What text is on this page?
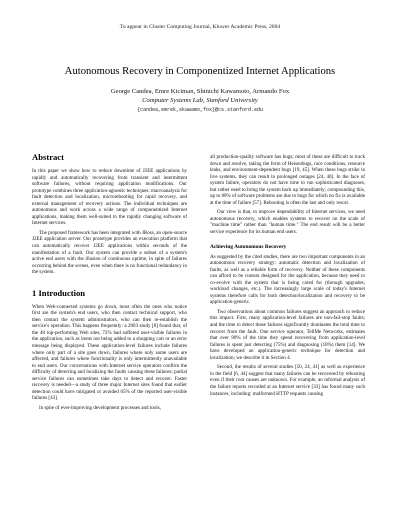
To appear in Cluster Computing Journal, Kluwer Academic Press, 2004
Autonomous Recovery in Componentized Internet Applications
George Candea, Emre Kiciman, Shinichi Kawamoto, Armando Fox
Computer Systems Lab, Stanford University
{candea,emrek,skawamo,fox}@cs.stanford.edu
Abstract

In this paper we show how to reduce downtime of J2EE applications by rapidly and automatically recovering from transient and intermittent software failures, without requiring application modifications. Our prototype combines three application-agnostic techniques: macroanalysis for fault detection and localization, microrebooting for rapid recovery, and external management of recovery actions. The individual techniques are autonomous and work across a wide range of componentized Internet applications, making them well-suited to the rapidly changing software of Internet services.

The proposed framework has been integrated with JBoss, an open-source J2EE application server. Our prototype provides an execution platform that can automatically recover J2EE applications within seconds of the manifestation of a fault. Our system can provide a subset of a system's active end users with the illusion of continuous uptime, in spite of failures occurring behind the scenes, even when there is no functional redundancy in the system.

1 Introduction

When Web-connected systems go down, most often the ones who notice first are the system's end users, who then contact technical support, who then contact the system administrators, who can then re-establish the service's operation. This happens frequently: a 2003 study [8] found that, of the 40 top-performing Web sites, 72% had suffered user-visible failures in the application, such as items not being added to a shopping cart or an error message being displayed. These application-level failures include failures where only part of a site goes down, failures where only some users are affected, and failures where functionality is only intermittently unavailable to end users. Our conversations with Internet service operators confirm the difficulty of detecting and localizing the faults causing these failures; partial service failures can sometimes take days to detect and recover. Faster recovery is needed—a study of three major Internet sites found that earlier detection could have mitigated or avoided 65% of the reported user-visible failures [43].

In spite of ever-improving development processes and tools,

all production-quality software has bugs; most of these are difficult to track down and resolve, taking the form of Heisenbugs, race conditions, resource leaks, and environment-dependent bugs [19, 45]. When these bugs strike in live systems, they can result in prolonged outages [24, 40]. In the face of system failure, operators do not have time to run sophisticated diagnoses, but rather need to bring the system back up immediately; compounding this, up to 80% of software problems are due to bugs for which no fix is available at the time of failure [57]. Rebooting is often the last and only resort.

Our view is that, to improve dependability of Internet services, we need autonomous recovery, which enables systems to recover on the scale of "machine time" rather than "human time." The end result will be a better service experience for its human end users.

Achieving Autonomous Recovery

As suggested by the cited studies, there are two important components in an autonomous recovery strategy: automatic detection and localization of faults, as well as a reliable form of recovery. Neither of these components can afford to be custom designed for the application, because they need to co-evolve with the system that is being cared for (through upgrades, workload changes, etc.). The increasingly large scale of today's Internet systems therefore calls for both detection/localization and recovery to be application-generic.

Two observations about common failures suggest an approach to reduce this impact. First, many application-level failures are non-fail-stop faults; and the time to detect these failures significantly dominates the total time to recover from the fault. One service operator, TellMe Networks, estimates that over 90% of the time they spend recovering from application-level failures is spent just detecting (75%) and diagnosing (18%) them [14]. We have developed an application-generic technique for detection and localization; we describe it in Section 4.

Second, the results of several studies [50, 24, 41] as well as experience in the field [6, 44] suggest that many failures can be recovered by rebooting even if their root causes are unknown. For example, an informal analysis of the failure reports recorded at an Internet service [33] has found many such instances, including: malformed HTTP requests causing
